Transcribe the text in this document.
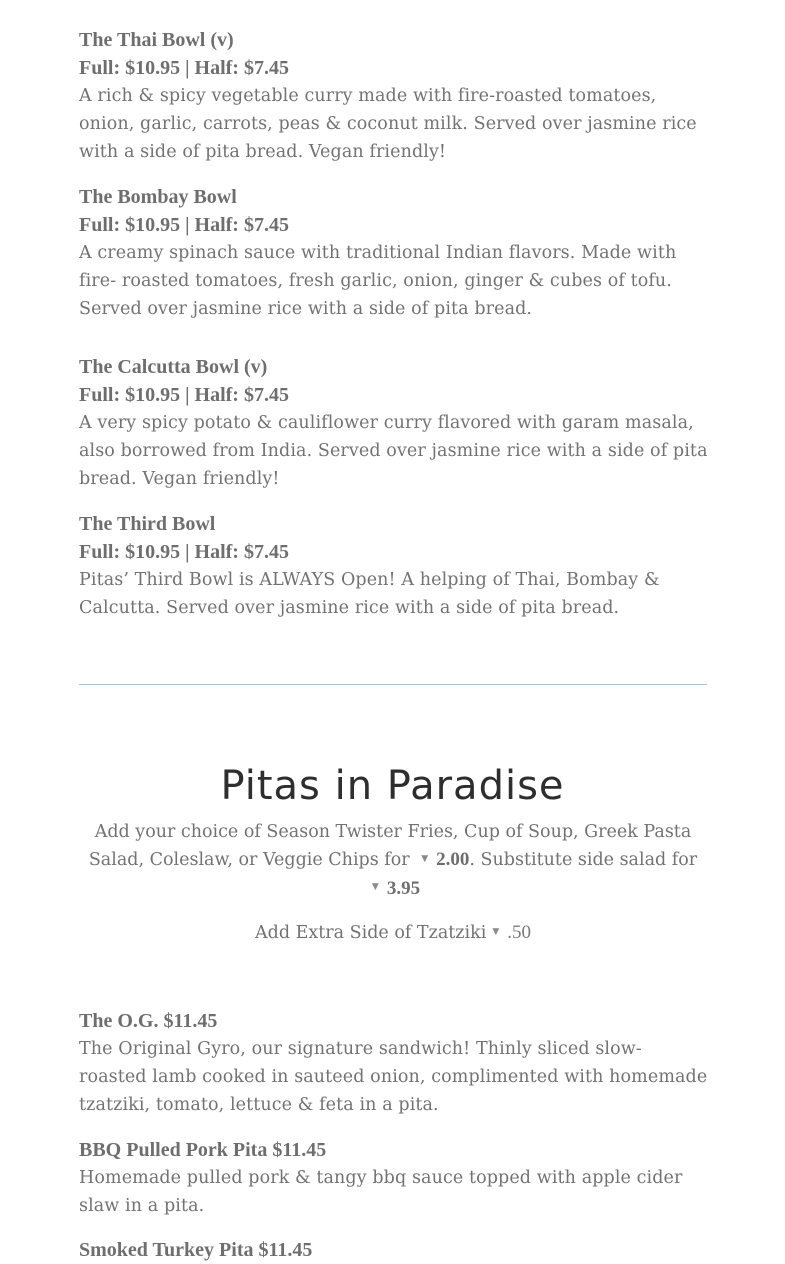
The Thai Bowl (v)
Full: $10.95 | Half: $7.45
A rich & spicy vegetable curry made with fire-roasted tomatoes, onion, garlic, carrots, peas & coconut milk. Served over jasmine rice with a side of pita bread. Vegan friendly!
The Bombay Bowl
Full: $10.95 | Half: $7.45
A creamy spinach sauce with traditional Indian flavors. Made with fire- roasted tomatoes, fresh garlic, onion, ginger & cubes of tofu. Served over jasmine rice with a side of pita bread.
The Calcutta Bowl (v)
Full: $10.95 | Half: $7.45
A very spicy potato & cauliflower curry flavored with garam masala, also borrowed from India. Served over jasmine rice with a side of pita bread. Vegan friendly!
The Third Bowl
Full: $10.95 | Half: $7.45
Pitas’ Third Bowl is ALWAYS Open! A helping of Thai, Bombay & Calcutta. Served over jasmine rice with a side of pita bread.
Pitas in Paradise
Add your choice of Season Twister Fries, Cup of Soup, Greek Pasta Salad, Coleslaw, or Veggie Chips for ▼ 2.00. Substitute side salad for ▼ 3.95
Add Extra Side of Tzatziki ▼ .50
The O.G. $11.45
The Original Gyro, our signature sandwich! Thinly sliced slow-roasted lamb cooked in sauteed onion, complimented with homemade tzatziki, tomato, lettuce & feta in a pita.
BBQ Pulled Pork Pita $11.45
Homemade pulled pork & tangy bbq sauce topped with apple cider slaw in a pita.
Smoked Turkey Pita $11.45
